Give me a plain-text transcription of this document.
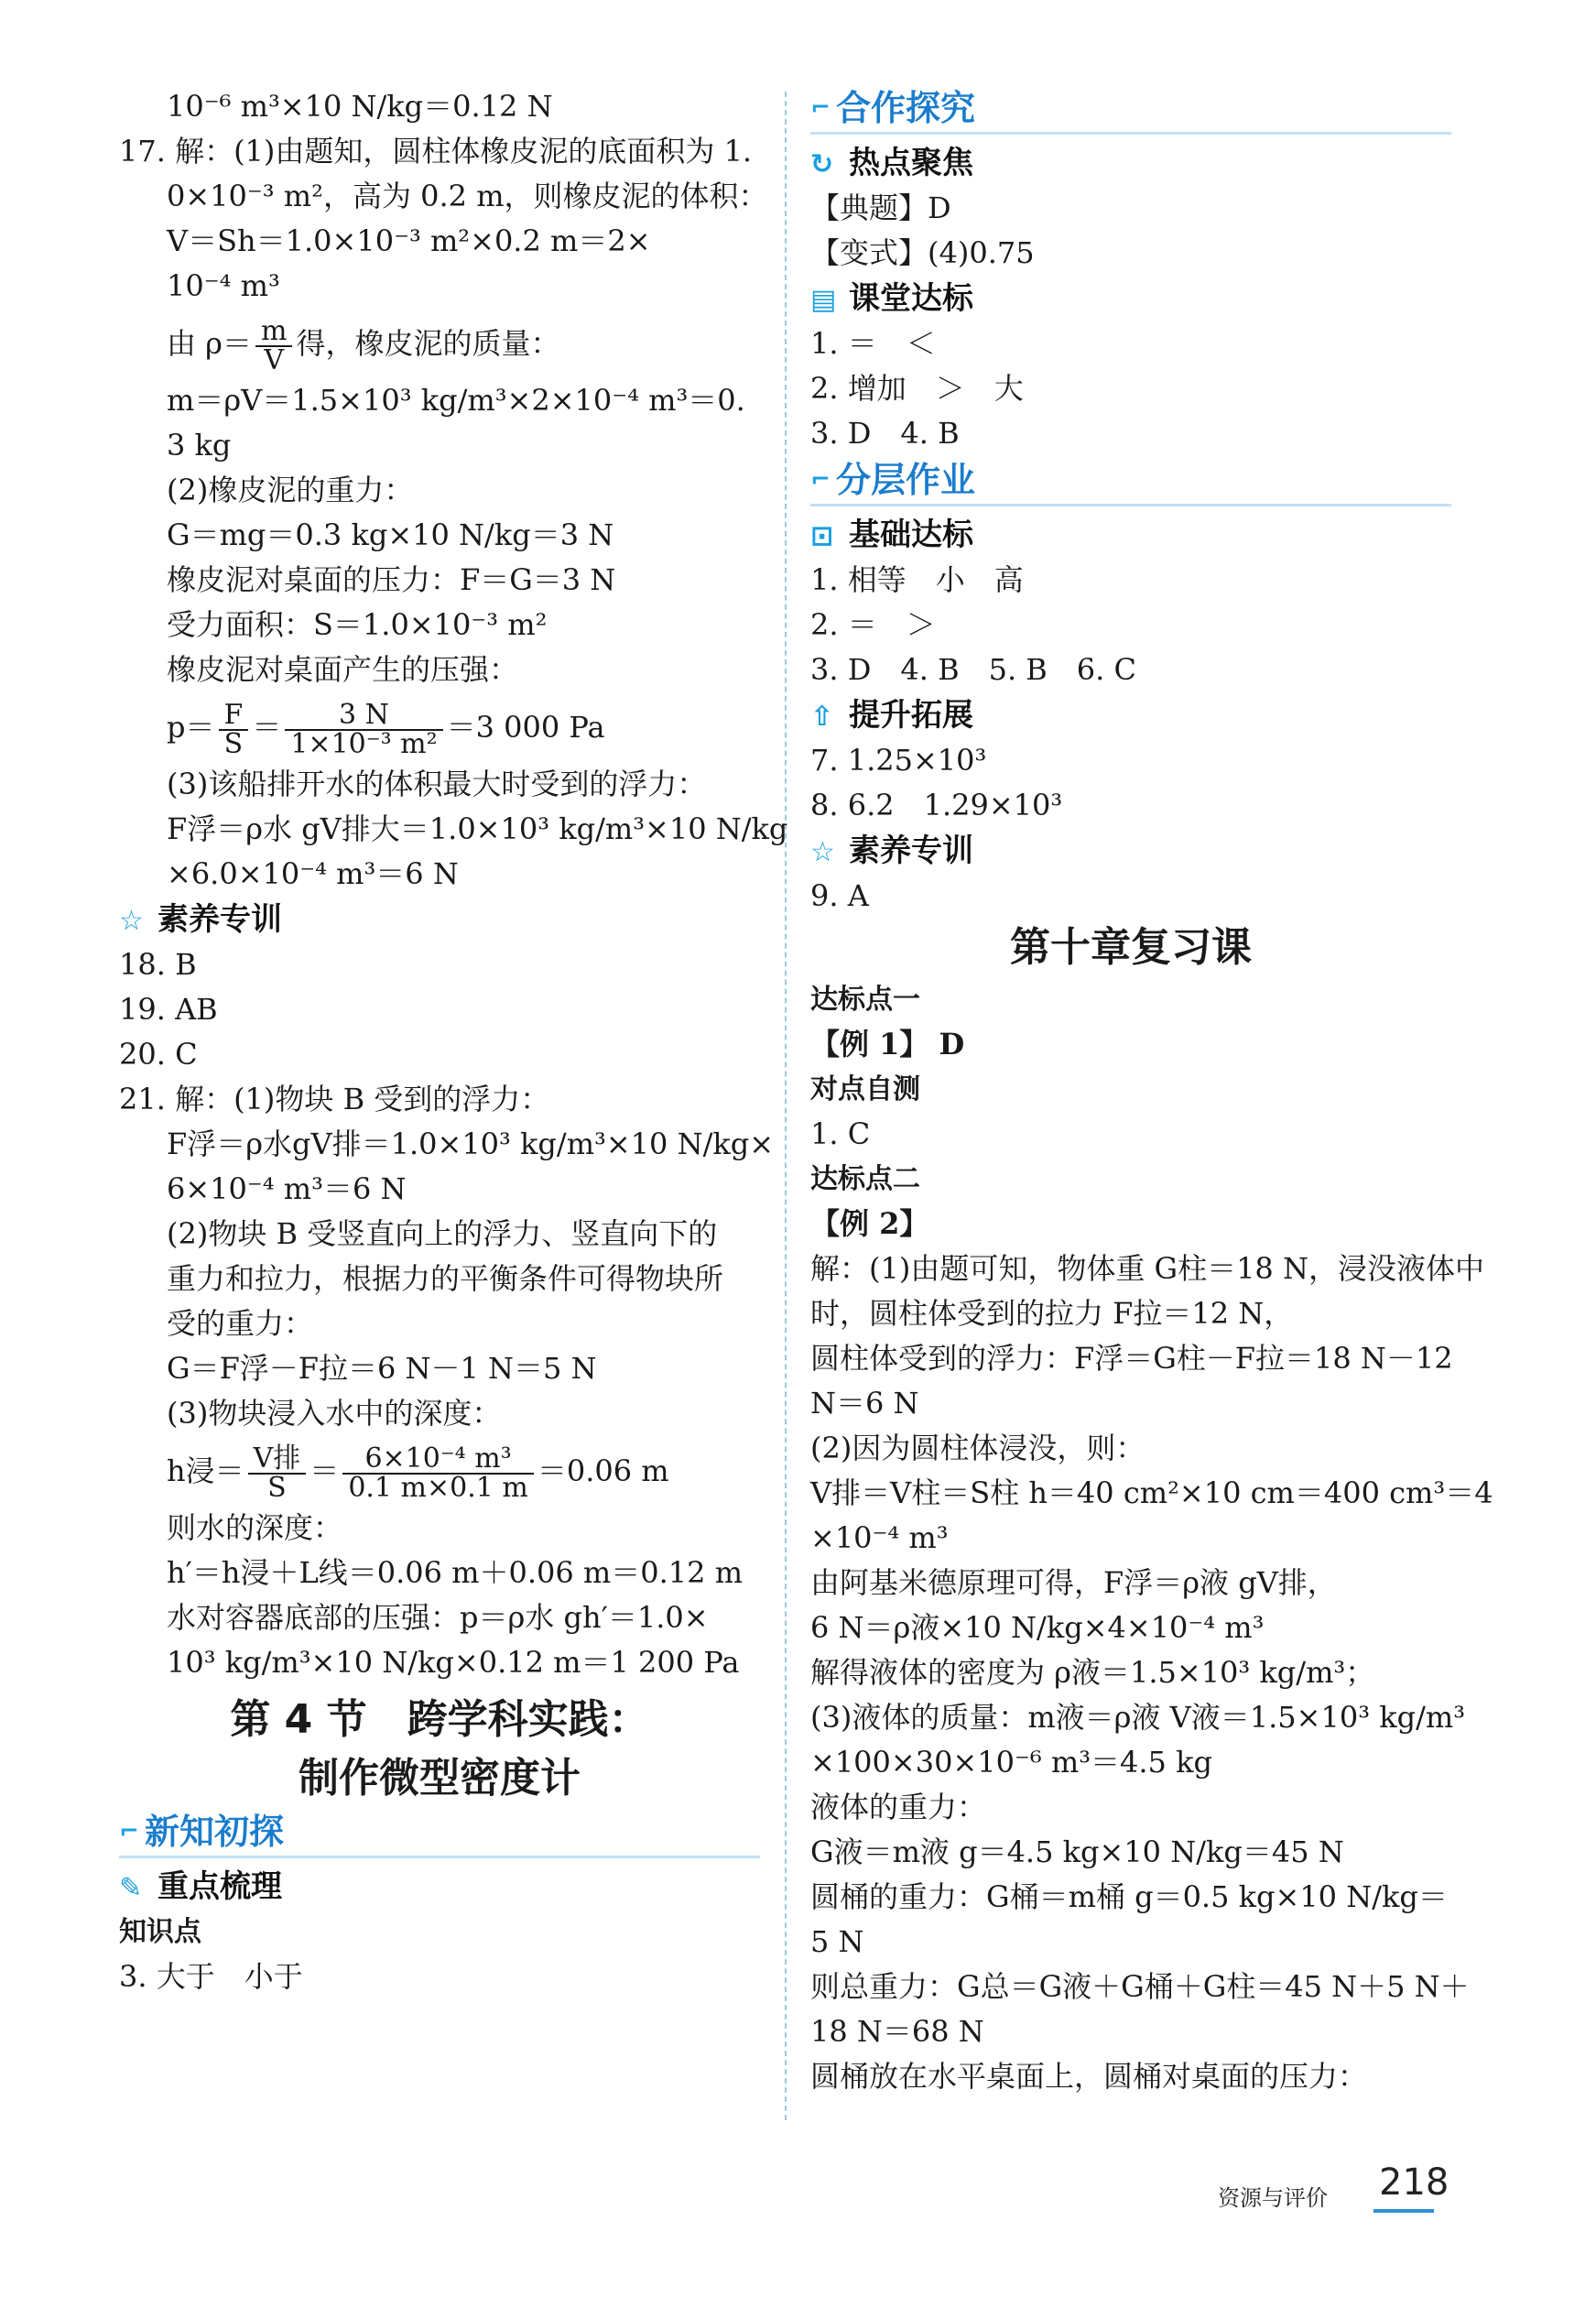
10⁻⁶ m³×10 N/kg＝0.12 N
17. 解：(1)由题知，圆柱体橡皮泥的底面积为 1.
0×10⁻³ m²，高为 0.2 m，则橡皮泥的体积：
V＝Sh＝1.0×10⁻³ m²×0.2 m＝2×
10⁻⁴ m³
由 $\rho= \frac{m}{V}$ 得，橡皮泥的质量：
m＝ρV＝1.5×10³ kg/m³×2×10⁻⁴ m³＝0.
3 kg
(2)橡皮泥的重力：
G＝mg＝0.3 kg×10 N/kg＝3 N
橡皮泥对桌面的压力：F＝G＝3 N
受力面积：S＝1.0×10⁻³ m²
橡皮泥对桌面产生的压强：
$p= \frac{F}{S} = \frac{3 N}{\text{1×10⁻³ m²}} =3$ 000 Pa
(3)该船排开水的体积最大时受到的浮力：
F浮＝ρ水 gV排大＝1.0×10³ kg/m³×10 N/kg
×6.0×10⁻⁴ m³＝6 N
☆ 素养专训
18. B
19. AB
20. C
21. 解：(1)物块 B 受到的浮力：
F浮＝ρ水gV排＝1.0×10³ kg/m³×10 N/kg×
6×10⁻⁴ m³＝6 N
(2)物块 B 受竖直向上的浮力、竖直向下的
重力和拉力，根据力的平衡条件可得物块所
受的重力：
G＝F浮－F拉＝6 N－1 N＝5 N
(3)物块浸入水中的深度：
h浸＝ $\frac{\text{V排}}{S} = \frac{\text{6×10⁻⁴ m³}}{0.1 m\times 0.1 m} =0.06$ m
则水的深度：
h′＝h浸＋L线＝0.06 m＋0.06 m＝0.12 m
水对容器底部的压强：p＝ρ水 gh′＝1.0×
10³ kg/m³×10 N/kg×0.12 m＝1 200 Pa
第 4 节　跨学科实践：
制作微型密度计
⌐ 新知初探
✎ 重点梳理
知识点
3. 大于　小于
⌐ 合作探究
↻ 热点聚焦
【典题】D
【变式】(4)0.75
▤ 课堂达标
1. ＝　＜
2. 增加　＞　大
3. D　4. B
⌐ 分层作业
⊡ 基础达标
1. 相等　小　高
2. ＝　＞
3. D　4. B　5. B　6. C
⇧ 提升拓展
7. 1.25×10³
8. 6.2　1.29×10³
☆ 素养专训
9. A
第十章复习课
达标点一
【例 1】 D
对点自测
1. C
达标点二
【例 2】
解：(1)由题可知，物体重 G柱＝18 N，浸没液体中
时，圆柱体受到的拉力 F拉＝12 N，
圆柱体受到的浮力：F浮＝G柱－F拉＝18 N－12
N＝6 N
(2)因为圆柱体浸没，则：
V排＝V柱＝S柱 h＝40 cm²×10 cm＝400 cm³＝4
×10⁻⁴ m³
由阿基米德原理可得，F浮＝ρ液 gV排，
6 N＝ρ液×10 N/kg×4×10⁻⁴ m³
解得液体的密度为 ρ液＝1.5×10³ kg/m³；
(3)液体的质量：m液＝ρ液 V液＝1.5×10³ kg/m³
×100×30×10⁻⁶ m³＝4.5 kg
液体的重力：
G液＝m液 g＝4.5 kg×10 N/kg＝45 N
圆桶的重力：G桶＝m桶 g＝0.5 kg×10 N/kg＝
5 N
则总重力：G总＝G液＋G桶＋G柱＝45 N＋5 N＋
18 N＝68 N
圆桶放在水平桌面上，圆桶对桌面的压力：
资源与评价 218
